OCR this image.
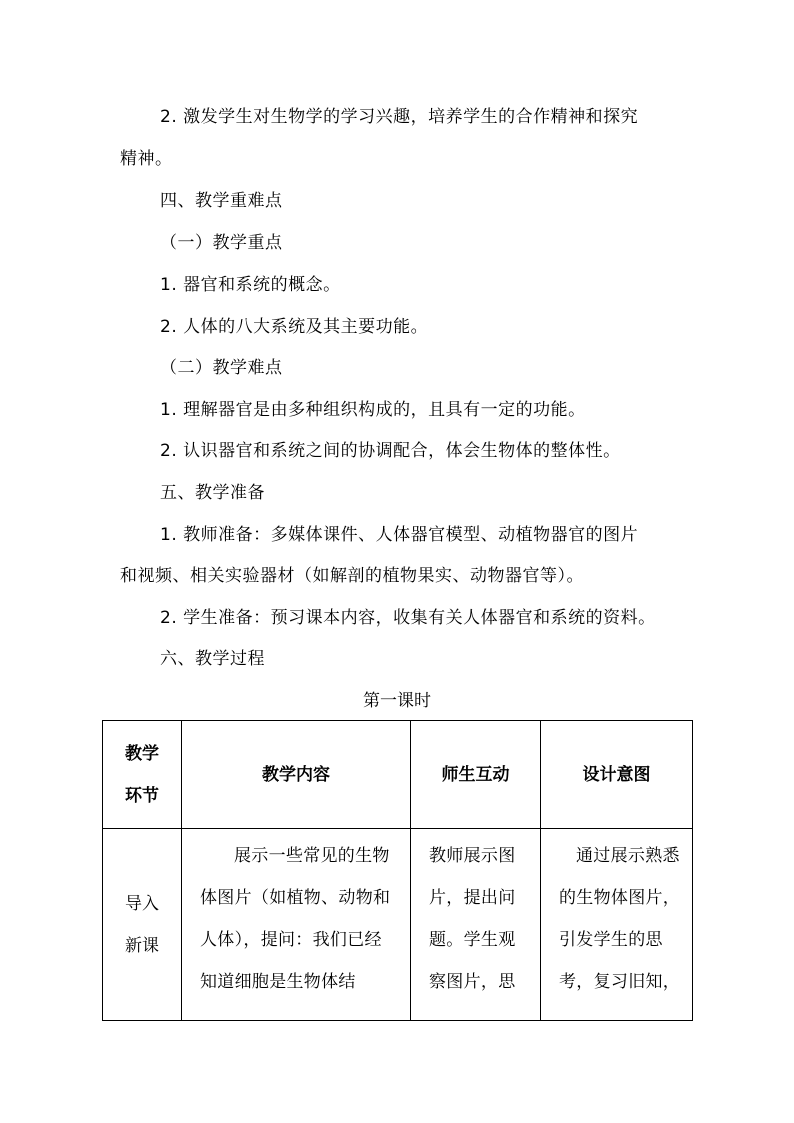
2. 激发学生对生物学的学习兴趣，培养学生的合作精神和探究
精神。
四、教学重难点
（一）教学重点
1. 器官和系统的概念。
2. 人体的八大系统及其主要功能。
（二）教学难点
1. 理解器官是由多种组织构成的，且具有一定的功能。
2. 认识器官和系统之间的协调配合，体会生物体的整体性。
五、教学准备
1. 教师准备：多媒体课件、人体器官模型、动植物器官的图片
和视频、相关实验器材（如解剖的植物果实、动物器官等）。
2. 学生准备：预习课本内容，收集有关人体器官和系统的资料。
六、教学过程
第一课时
教学
环节	教学内容	师生互动	设计意图

导入
新课	展示一些常见的生物体图片（如植物、动物和人体），提问：我们已经知道细胞是生物体结	教师展示图片，提出问题。学生观察图片，思	通过展示熟悉的生物体图片，引发学生的思考，复习旧知，
